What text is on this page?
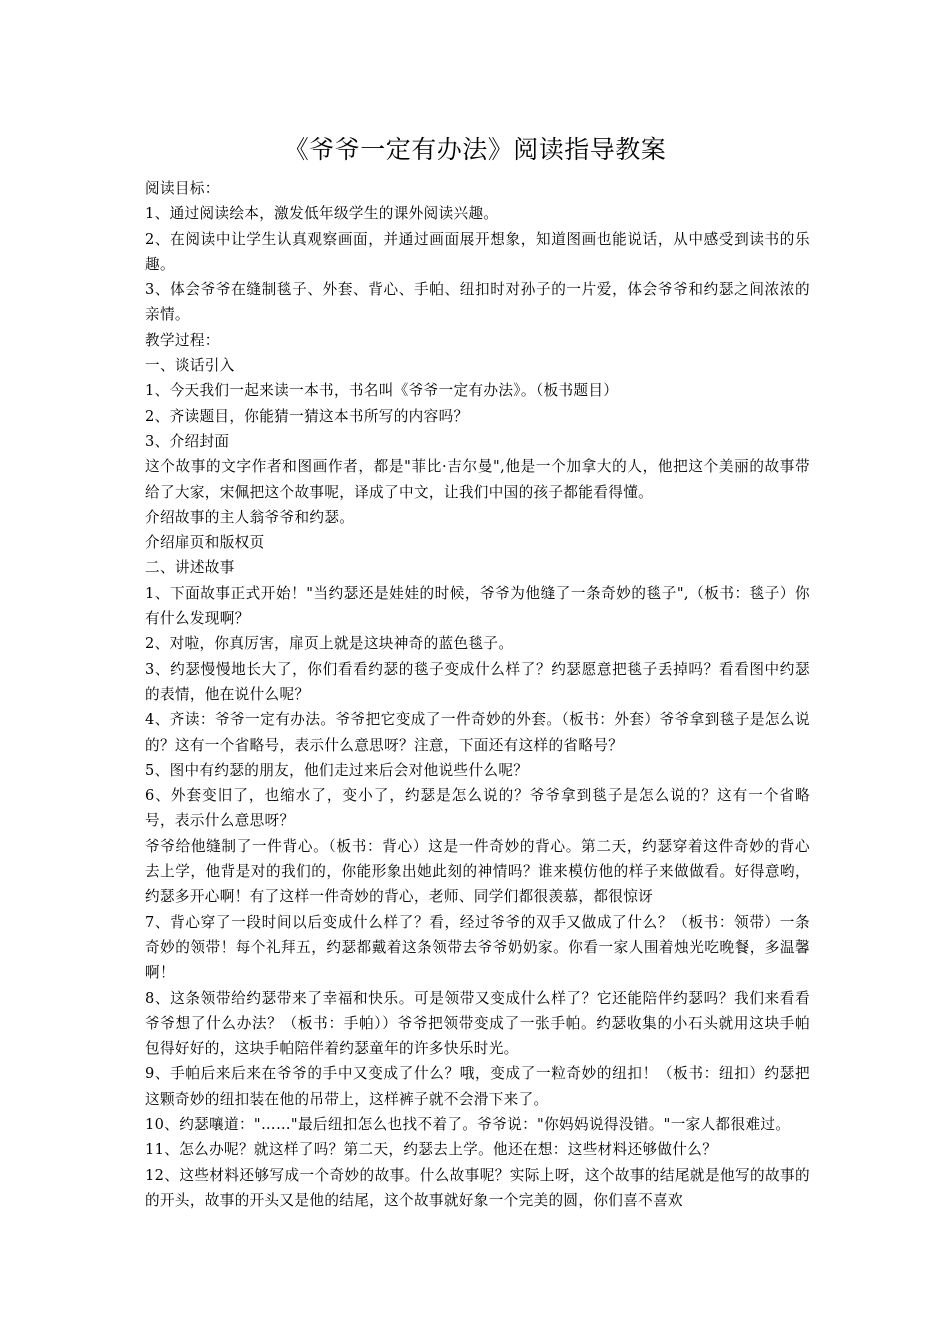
《爷爷一定有办法》阅读指导教案

阅读目标：

1、通过阅读绘本，激发低年级学生的课外阅读兴趣。

2、在阅读中让学生认真观察画面，并通过画面展开想象，知道图画也能说话，从中感受到读书的乐趣。

3、体会爷爷在缝制毯子、外套、背心、手帕、纽扣时对孙子的一片爱，体会爷爷和约瑟之间浓浓的亲情。

教学过程：

一、谈话引入

1、今天我们一起来读一本书，书名叫《爷爷一定有办法》。（板书题目）

2、齐读题目，你能猜一猜这本书所写的内容吗？

3、介绍封面

这个故事的文字作者和图画作者，都是"菲比·吉尔曼",他是一个加拿大的人，他把这个美丽的故事带给了大家，宋佩把这个故事呢，译成了中文，让我们中国的孩子都能看得懂。

介绍故事的主人翁爷爷和约瑟。

介绍扉页和版权页

二、讲述故事

1、下面故事正式开始！"当约瑟还是娃娃的时候，爷爷为他缝了一条奇妙的毯子",（板书：毯子）你有什么发现啊？

2、对啦，你真厉害，扉页上就是这块神奇的蓝色毯子。

3、约瑟慢慢地长大了，你们看看约瑟的毯子变成什么样了？约瑟愿意把毯子丢掉吗？看看图中约瑟的表情，他在说什么呢？

4、齐读：爷爷一定有办法。爷爷把它变成了一件奇妙的外套。（板书：外套）爷爷拿到毯子是怎么说的？这有一个省略号，表示什么意思呀？注意，下面还有这样的省略号？

5、图中有约瑟的朋友，他们走过来后会对他说些什么呢？

6、外套变旧了，也缩水了，变小了，约瑟是怎么说的？爷爷拿到毯子是怎么说的？这有一个省略号，表示什么意思呀？

爷爷给他缝制了一件背心。（板书：背心）这是一件奇妙的背心。第二天，约瑟穿着这件奇妙的背心去上学，他背是对的我们的，你能形象出她此刻的神情吗？谁来模仿他的样子来做做看。好得意哟，约瑟多开心啊！有了这样一件奇妙的背心，老师、同学们都很羡慕，都很惊讶

7、背心穿了一段时间以后变成什么样了？看，经过爷爷的双手又做成了什么？（板书：领带）一条奇妙的领带！每个礼拜五，约瑟都戴着这条领带去爷爷奶奶家。你看一家人围着烛光吃晚餐，多温馨啊！

8、这条领带给约瑟带来了幸福和快乐。可是领带又变成什么样了？它还能陪伴约瑟吗？我们来看看爷爷想了什么办法？（板书：手帕））爷爷把领带变成了一张手帕。约瑟收集的小石头就用这块手帕包得好好的，这块手帕陪伴着约瑟童年的许多快乐时光。

9、手帕后来后来在爷爷的手中又变成了什么？哦，变成了一粒奇妙的纽扣！（板书：纽扣）约瑟把这颗奇妙的纽扣装在他的吊带上，这样裤子就不会滑下来了。

10、约瑟嚷道："……"最后纽扣怎么也找不着了。爷爷说："你妈妈说得没错。"一家人都很难过。

11、怎么办呢？就这样了吗？第二天，约瑟去上学。他还在想：这些材料还够做什么？

12、这些材料还够写成一个奇妙的故事。什么故事呢？实际上呀，这个故事的结尾就是他写的故事的的开头，故事的开头又是他的结尾，这个故事就好象一个完美的圆，你们喜不喜欢
